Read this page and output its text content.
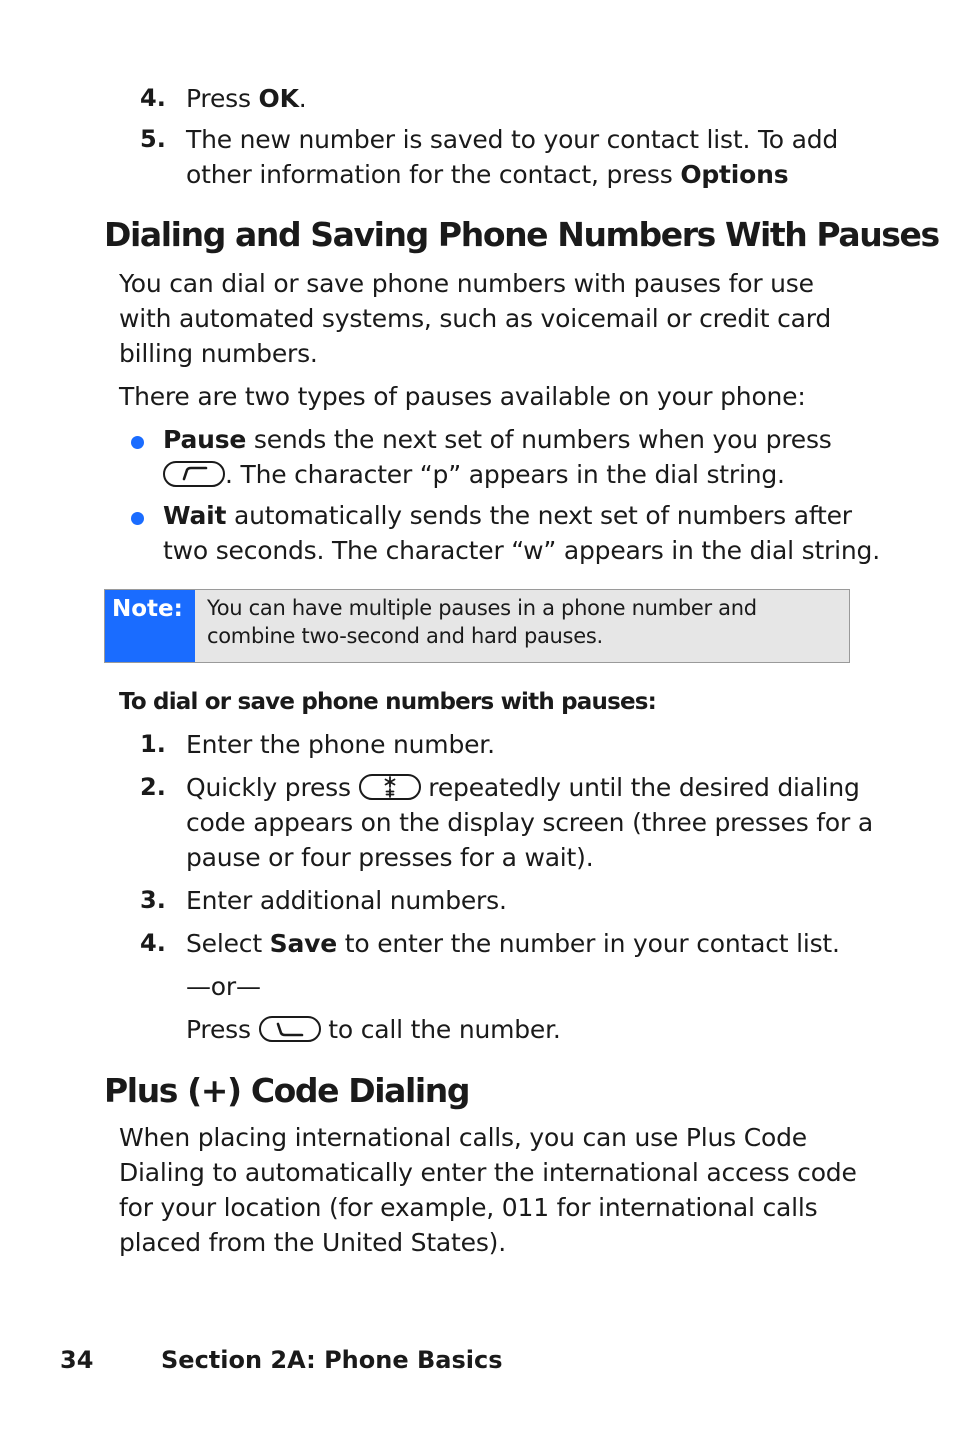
4. Press OK.
5. The new number is saved to your contact list. To add other information for the contact, press Options
Dialing and Saving Phone Numbers With Pauses
You can dial or save phone numbers with pauses for use with automated systems, such as voicemail or credit card billing numbers.
There are two types of pauses available on your phone:
Pause sends the next set of numbers when you press

. The character “p” appears in the dial string.
Wait automatically sends the next set of numbers after two seconds. The character “w” appears in the dial string.
Note:	You can have multiple pauses in a phone number and combine two-second and hard pauses.
To dial or save phone numbers with pauses:
1. Enter the phone number.
2. Quickly press
repeatedly until the desired dialing code appears on the display screen (three presses for a pause or four presses for a wait).
3. Enter additional numbers.
4. Select Save to enter the number in your contact list.
—or—
Press
to call the number.
Plus (+) Code Dialing
When placing international calls, you can use Plus Code Dialing to automatically enter the international access code for your location (for example, 011 for international calls placed from the United States).
34	Section 2A: Phone Basics
